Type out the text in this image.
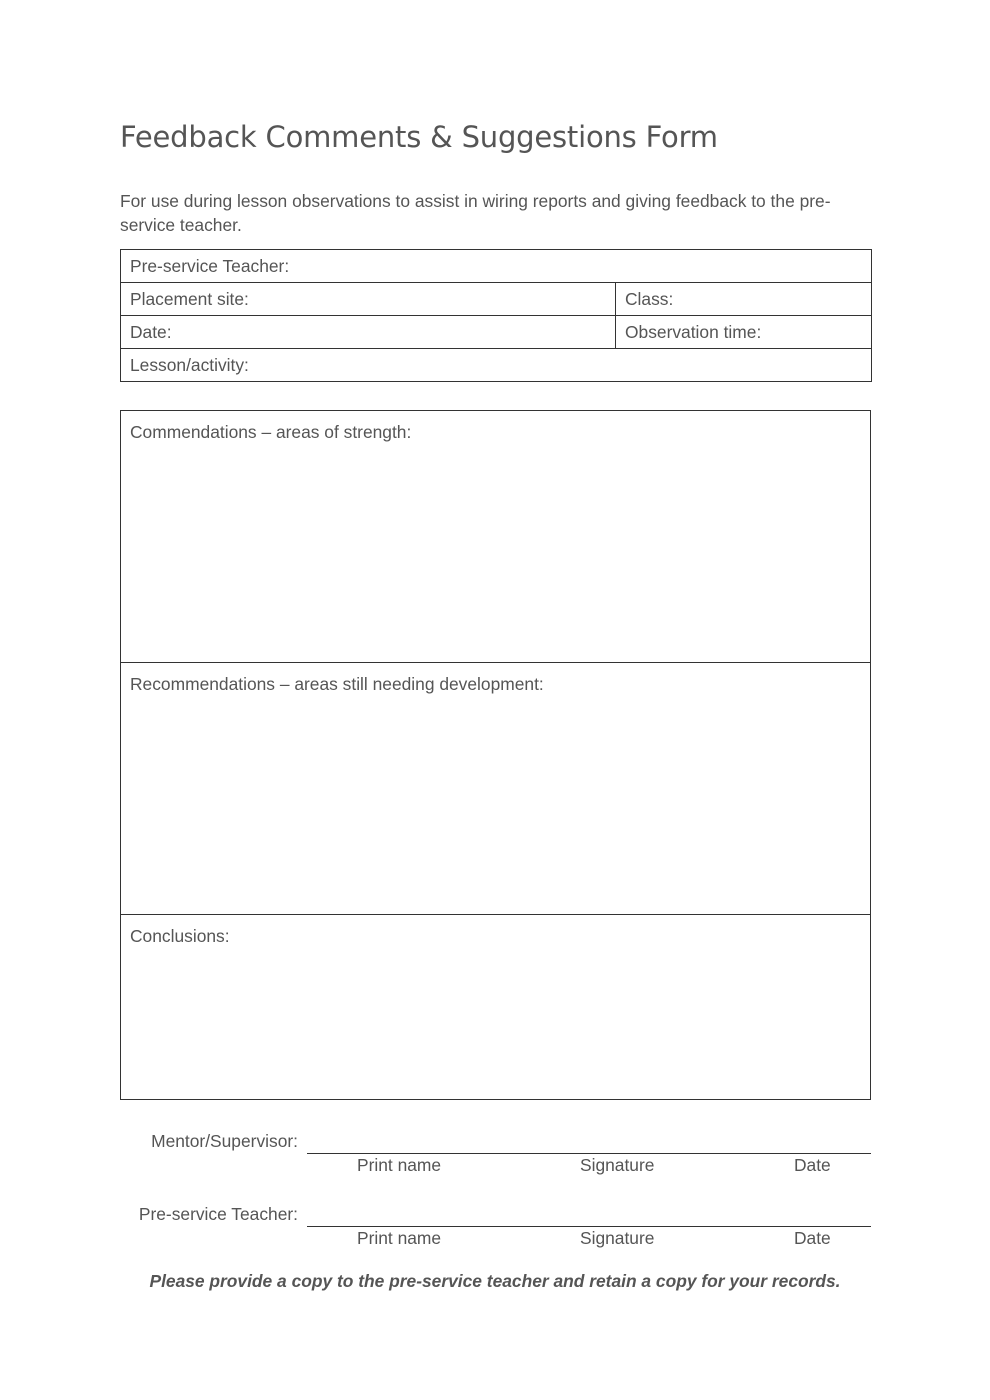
Feedback Comments & Suggestions Form
For use during lesson observations to assist in wiring reports and giving feedback to the pre-service teacher.
Pre-service Teacher:	
Placement site:	Class:
Date:	Observation time:
Lesson/activity:	
Commendations – areas of strength:
Recommendations – areas still needing development:
Conclusions:
Mentor/Supervisor:
Print name	Signature	Date
Pre-service Teacher:
Print name	Signature	Date
Please provide a copy to the pre-service teacher and retain a copy for your records.
